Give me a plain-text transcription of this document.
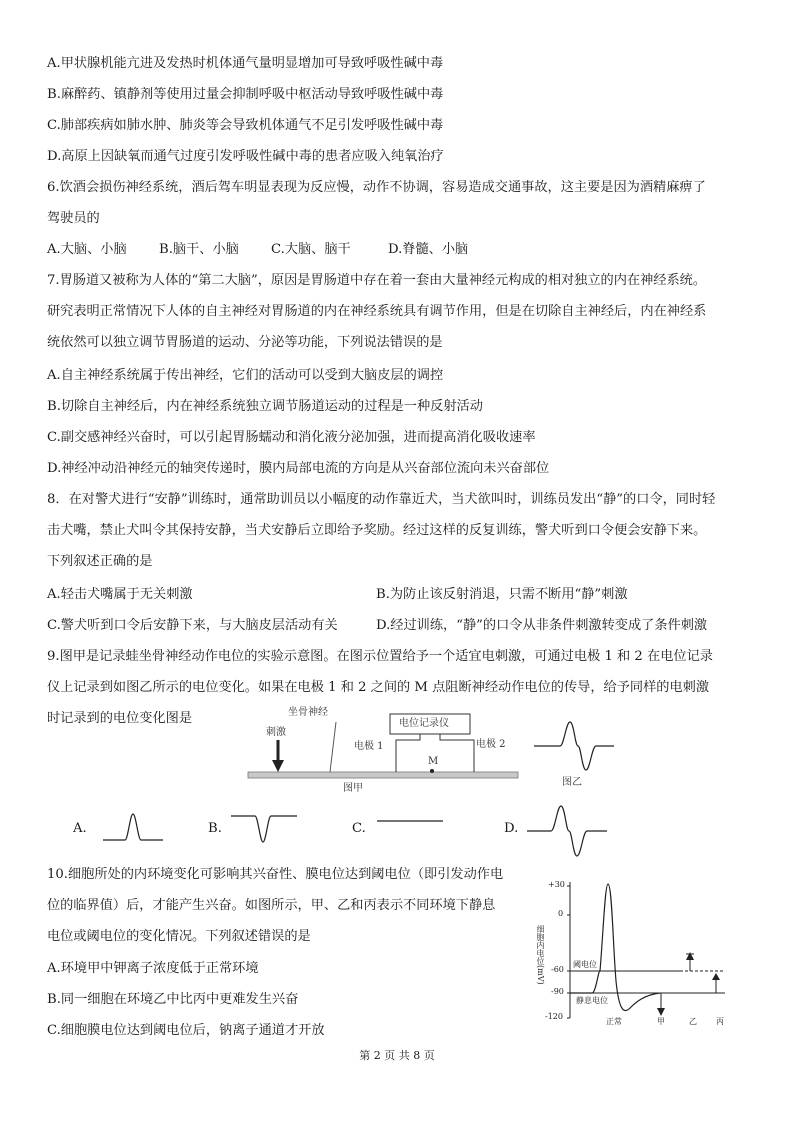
A.甲状腺机能亢进及发热时机体通气量明显增加可导致呼吸性碱中毒
B.麻醉药、镇静剂等使用过量会抑制呼吸中枢活动导致呼吸性碱中毒
C.肺部疾病如肺水肿、肺炎等会导致机体通气不足引发呼吸性碱中毒
D.高原上因缺氧而通气过度引发呼吸性碱中毒的患者应吸入纯氧治疗
6.饮酒会损伤神经系统，酒后驾车明显表现为反应慢，动作不协调，容易造成交通事故，这主要是因为酒精麻痹了
驾驶员的
A.大脑、小脑 B.脑干、小脑 C.大脑、脑干	D.脊髓、小脑
7.胃肠道又被称为人体的“第二大脑”，原因是胃肠道中存在着一套由大量神经元构成的相对独立的内在神经系统。
研究表明正常情况下人体的自主神经对胃肠道的内在神经系统具有调节作用，但是在切除自主神经后，内在神经系
统依然可以独立调节胃肠道的运动、分泌等功能，下列说法错误的是
A.自主神经系统属于传出神经，它们的活动可以受到大脑皮层的调控
B.切除自主神经后，内在神经系统独立调节肠道运动的过程是一种反射活动
C.副交感神经兴奋时，可以引起胃肠蠕动和消化液分泌加强，进而提高消化吸收速率
D.神经冲动沿神经元的轴突传递时，膜内局部电流的方向是从兴奋部位流向未兴奋部位
8．在对警犬进行“安静”训练时，通常助训员以小幅度的动作靠近犬，当犬欲叫时，训练员发出“静”的口令，同时轻
击犬嘴，禁止犬叫令其保持安静，当犬安静后立即给予奖励。经过这样的反复训练，警犬听到口令便会安静下来。
下列叙述正确的是
A.轻击犬嘴属于无关刺激	B.为防止该反射消退，只需不断用“静”刺激
C.警犬听到口令后安静下来，与大脑皮层活动有关	D.经过训练，“静”的口令从非条件刺激转变成了条件刺激
9.图甲是记录蛙坐骨神经动作电位的实验示意图。在图示位置给予一个适宜电刺激，可通过电极 1 和 2 在电位记录
仪上记录到如图乙所示的电位变化。如果在电极 1 和 2 之间的 M 点阻断神经动作电位的传导，给予同样的电刺激
时记录到的电位变化图是	坐骨神经
刺激
电位记录仪
电极 1	电极 2
M
图甲
图乙
A.	B.	C.	D.
10.细胞所处的内环境变化可影响其兴奋性、膜电位达到阈电位（即引发动作电
位的临界值）后，才能产生兴奋。如图所示，甲、乙和丙表示不同环境下静息
电位或阈电位的变化情况。下列叙述错误的是
A.环境甲中钾离子浓度低于正常环境
B.同一细胞在环境乙中比丙中更难发生兴奋
C.细胞膜电位达到阈电位后，钠离子通道才开放
+30
0
-60
-90
-120
细胞内电位(mV)	阈电位
静息电位
正常	甲	乙 丙
第 2 页 共 8 页
